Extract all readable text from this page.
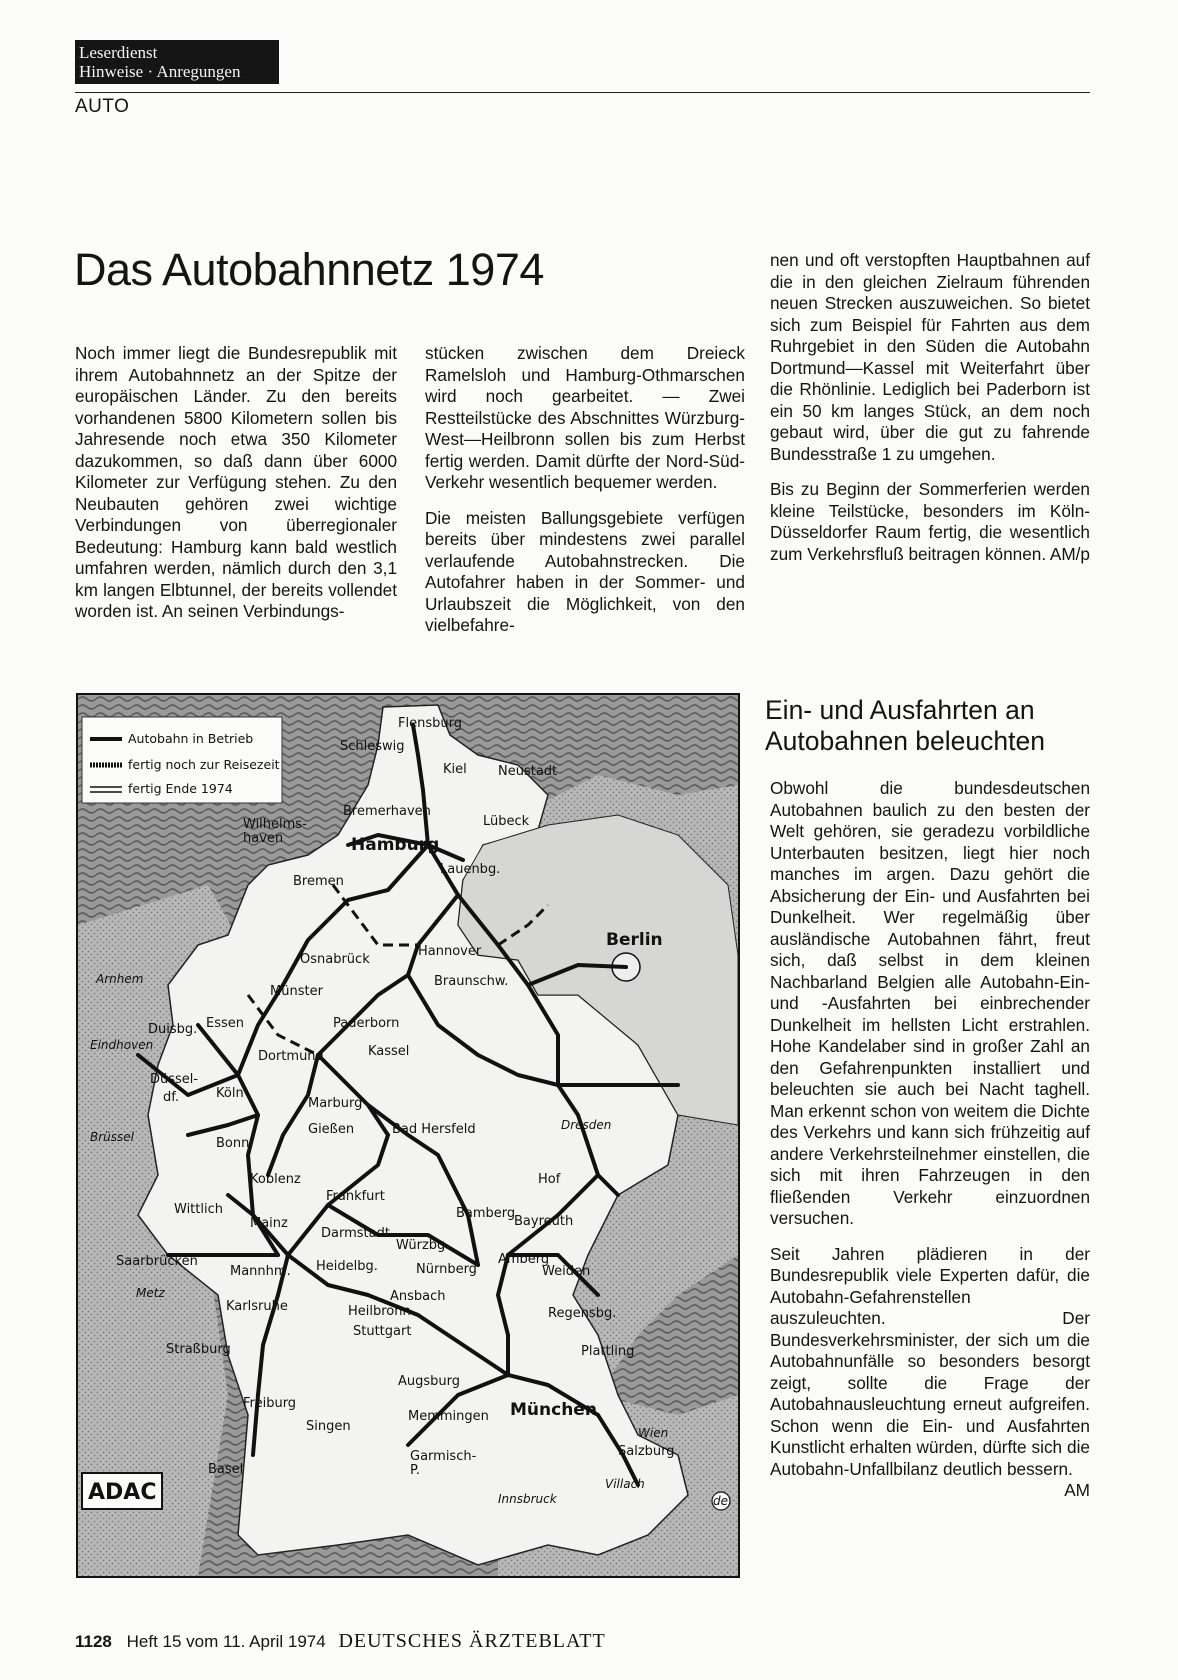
Leserdienst
Hinweise · Anregungen
AUTO
Das Autobahnnetz 1974

Noch immer liegt die Bundesrepublik mit ihrem Autobahnnetz an der Spitze der europäischen Länder. Zu den bereits vorhandenen 5800 Kilometern sollen bis Jahresende noch etwa 350 Kilometer dazukommen, so daß dann über 6000 Kilometer zur Verfügung stehen. Zu den Neubauten gehören zwei wichtige Verbindungen von überregionaler Bedeutung: Hamburg kann bald westlich umfahren werden, nämlich durch den 3,1 km langen Elbtunnel, der bereits vollendet worden ist. An seinen Verbindungs-

stücken zwischen dem Dreieck Ramelsloh und Hamburg-Othmarschen wird noch gearbeitet. — Zwei Restteilstücke des Abschnittes Würzburg-West—Heilbronn sollen bis zum Herbst fertig werden. Damit dürfte der Nord-Süd-Verkehr wesentlich bequemer werden.

Die meisten Ballungsgebiete verfügen bereits über mindestens zwei parallel verlaufende Autobahnstrecken. Die Autofahrer haben in der Sommer- und Urlaubszeit die Möglichkeit, von den vielbefahre-

nen und oft verstopften Hauptbahnen auf die in den gleichen Zielraum führenden neuen Strecken auszuweichen. So bietet sich zum Beispiel für Fahrten aus dem Ruhrgebiet in den Süden die Autobahn Dortmund—Kassel mit Weiterfahrt über die Rhönlinie. Lediglich bei Paderborn ist ein 50 km langes Stück, an dem noch gebaut wird, über die gut zu fahrende Bundesstraße 1 zu umgehen.

Bis zu Beginn der Sommerferien werden kleine Teilstücke, besonders im Köln-Düsseldorfer Raum fertig, die wesentlich zum Verkehrsfluß beitragen können. AM/p

Ein- und Ausfahrten an Autobahnen beleuchten

Obwohl die bundesdeutschen Autobahnen baulich zu den besten der Welt gehören, sie geradezu vorbildliche Unterbauten besitzen, liegt hier noch manches im argen. Dazu gehört die Absicherung der Ein- und Ausfahrten bei Dunkelheit. Wer regelmäßig über ausländische Autobahnen fährt, freut sich, daß selbst in dem kleinen Nachbarland Belgien alle Autobahn-Ein- und -Ausfahrten bei einbrechender Dunkelheit im hellsten Licht erstrahlen. Hohe Kandelaber sind in großer Zahl an den Gefahrenpunkten installiert und beleuchten sie auch bei Nacht taghell. Man erkennt schon von weitem die Dichte des Verkehrs und kann sich frühzeitig auf andere Verkehrsteilnehmer einstellen, die sich mit ihren Fahrzeugen in den fließenden Verkehr einzuordnen versuchen.

Seit Jahren plädieren in der Bundesrepublik viele Experten dafür, die Autobahn-Gefahrenstellen auszuleuchten. Der Bundesverkehrsminister, der sich um die Autobahnunfälle so besonders besorgt zeigt, sollte die Frage der Autobahnausleuchtung erneut aufgreifen. Schon wenn die Ein- und Ausfahrten Kunstlicht erhalten würden, dürfte sich die Autobahn-Unfallbilanz deutlich bessern.
AM

Autobahn in Betrieb
fertig noch zur Reisezeit
fertig Ende 1974
Flensburg
Schleswig
Kiel Neustadt
Lübeck
Bremerhaven
Wilhelms-haven	Hamburg
Lauenbg.
Bremen
Berlin
Osnabrück
Hannover
Münster
Braunschw.
Arnhem
Duisbg. Essen	Paderborn
Eindhoven	Kassel
Dortmund
Düssel-
df.	Köln
Marburg
Gießen	Bad Hersfeld	Dresden
Brüssel	Bonn
Koblenz	Hof
Frankfurt
Wittlich
Mainz
Bamberg
Bayreuth
Darmstadt
Würzbg.
Saarbrücken
Mannhm. Heidelbg.	Amberg
Nürnberg	Weiden
Metz	Ansbach
Karlsruhe	Heilbronn	Regensbg.
Straßburg
Stuttgart
Plattling
Augsburg
Freiburg	München
Memmingen
Singen	Wien
Salzburg
Garmisch-P.
Basel
Innsbruck
Villach
ADAC	de
1128 Heft 15 vom 11. April 1974 DEUTSCHES ÄRZTEBLATT
